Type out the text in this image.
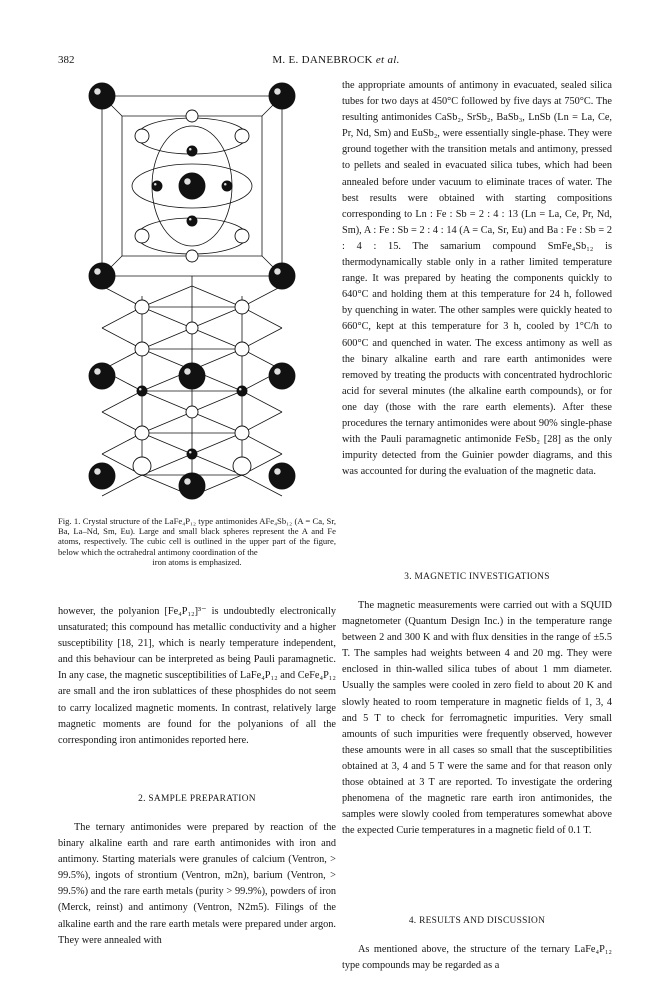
382	M. E. DANEBROCK et al.
Fig. 1. Crystal structure of the LaFe₄P₁₂ type antimonides AFe₄Sb₁₂ (A = Ca, Sr, Ba, La–Nd, Sm, Eu). Large and small black spheres represent the A and Fe atoms, respectively. The cubic cell is outlined in the upper part of the figure, below which the octrahedral antimony coordination of the
iron atoms is emphasized.

however, the polyanion [Fe₄P₁₂]³⁻ is undoubtedly electronically unsaturated; this compound has metallic conductivity and a higher susceptibility [18, 21], which is nearly temperature independent, and this behaviour can be interpreted as being Pauli paramagnetic. In any case, the magnetic susceptibilities of LaFe₄P₁₂ and CeFe₄P₁₂ are small and the iron sublattices of these phosphides do not seem to carry localized magnetic moments. In contrast, relatively large magnetic moments are found for the polyanions of all the corresponding iron antimonides reported here.

2. SAMPLE PREPARATION

The ternary antimonides were prepared by reaction of the binary alkaline earth and rare earth antimonides with iron and antimony. Starting materials were granules of calcium (Ventron, > 99.5%), ingots of strontium (Ventron, m2n), barium (Ventron, > 99.5%) and the rare earth metals (purity > 99.9%), powders of iron (Merck, reinst) and antimony (Ventron, N2m5). Filings of the alkaline earth and the rare earth metals were prepared under argon. They were annealed with

the appropriate amounts of antimony in evacuated, sealed silica tubes for two days at 450°C followed by five days at 750°C. The resulting antimonides CaSb₂, SrSb₂, BaSb₃, LnSb (Ln = La, Ce, Pr, Nd, Sm) and EuSb₂, were essentially single-phase. They were ground together with the transition metals and antimony, pressed to pellets and sealed in evacuated silica tubes, which had been annealed before under vacuum to eliminate traces of water. The best results were obtained with starting compositions corresponding to Ln : Fe : Sb = 2 : 4 : 13 (Ln = La, Ce, Pr, Nd, Sm), A : Fe : Sb = 2 : 4 : 14 (A = Ca, Sr, Eu) and Ba : Fe : Sb = 2 : 4 : 15. The samarium compound SmFe₄Sb₁₂ is thermodynamically stable only in a rather limited temperature range. It was prepared by heating the components quickly to 640°C and holding them at this temperature for 24 h, followed by quenching in water. The other samples were quickly heated to 660°C, kept at this temperature for 3 h, cooled by 1°C/h to 600°C and quenched in water. The excess antimony as well as the binary alkaline earth and rare earth antimonides were removed by treating the products with concentrated hydrochloric acid for several minutes (the alkaline earth compounds), or for one day (those with the rare earth elements). After these procedures the ternary antimonides were about 90% single-phase with the Pauli paramagnetic antimonide FeSb₂ [28] as the only impurity detected from the Guinier powder diagrams, and this was accounted for during the evaluation of the magnetic data.

3. MAGNETIC INVESTIGATIONS

The magnetic measurements were carried out with a SQUID magnetometer (Quantum Design Inc.) in the temperature range between 2 and 300 K and with flux densities in the range of ±5.5 T. The samples had weights between 4 and 20 mg. They were enclosed in thin-walled silica tubes of about 1 mm diameter. Usually the samples were cooled in zero field to about 20 K and slowly heated to room temperature in magnetic fields of 1, 3, 4 and 5 T to check for ferromagnetic impurities. Very small amounts of such impurities were frequently observed, however these amounts were in all cases so small that the susceptibilities obtained at 3, 4 and 5 T were the same and for that reason only those obtained at 3 T are reported. To investigate the ordering phenomena of the magnetic rare earth iron antimonides, the samples were slowly cooled from temperatures somewhat above the expected Curie temperatures in a magnetic field of 0.1 T.

4. RESULTS AND DISCUSSION

As mentioned above, the structure of the ternary LaFe₄P₁₂ type compounds may be regarded as a
